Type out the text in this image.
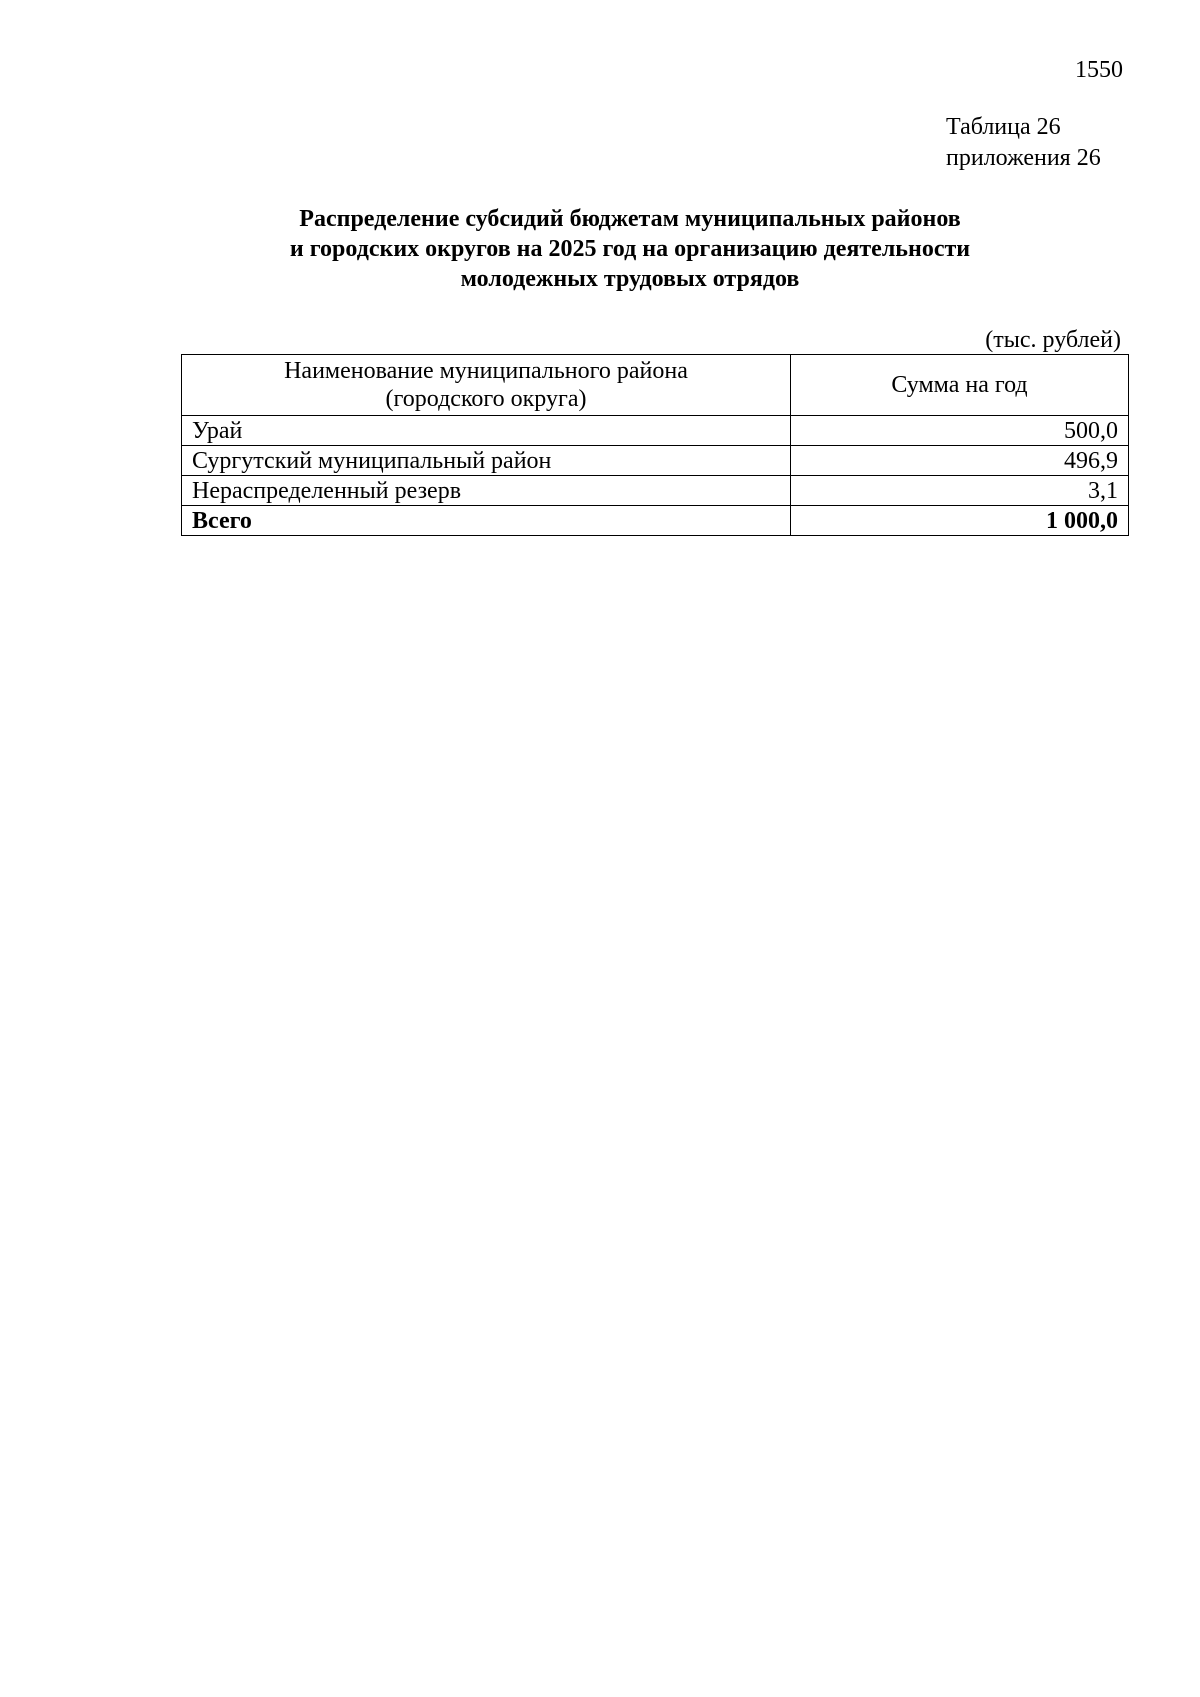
1550
Таблица 26
приложения 26
Распределение субсидий бюджетам муниципальных районов
и городских округов на 2025 год на организацию деятельности
молодежных трудовых отрядов
(тыс. рублей)
Наименование муниципального района
(городского округа)	Сумма на год
Урай	500,0
Сургутский муниципальный район	496,9
Нераспределенный резерв	3,1
Всего	1 000,0
